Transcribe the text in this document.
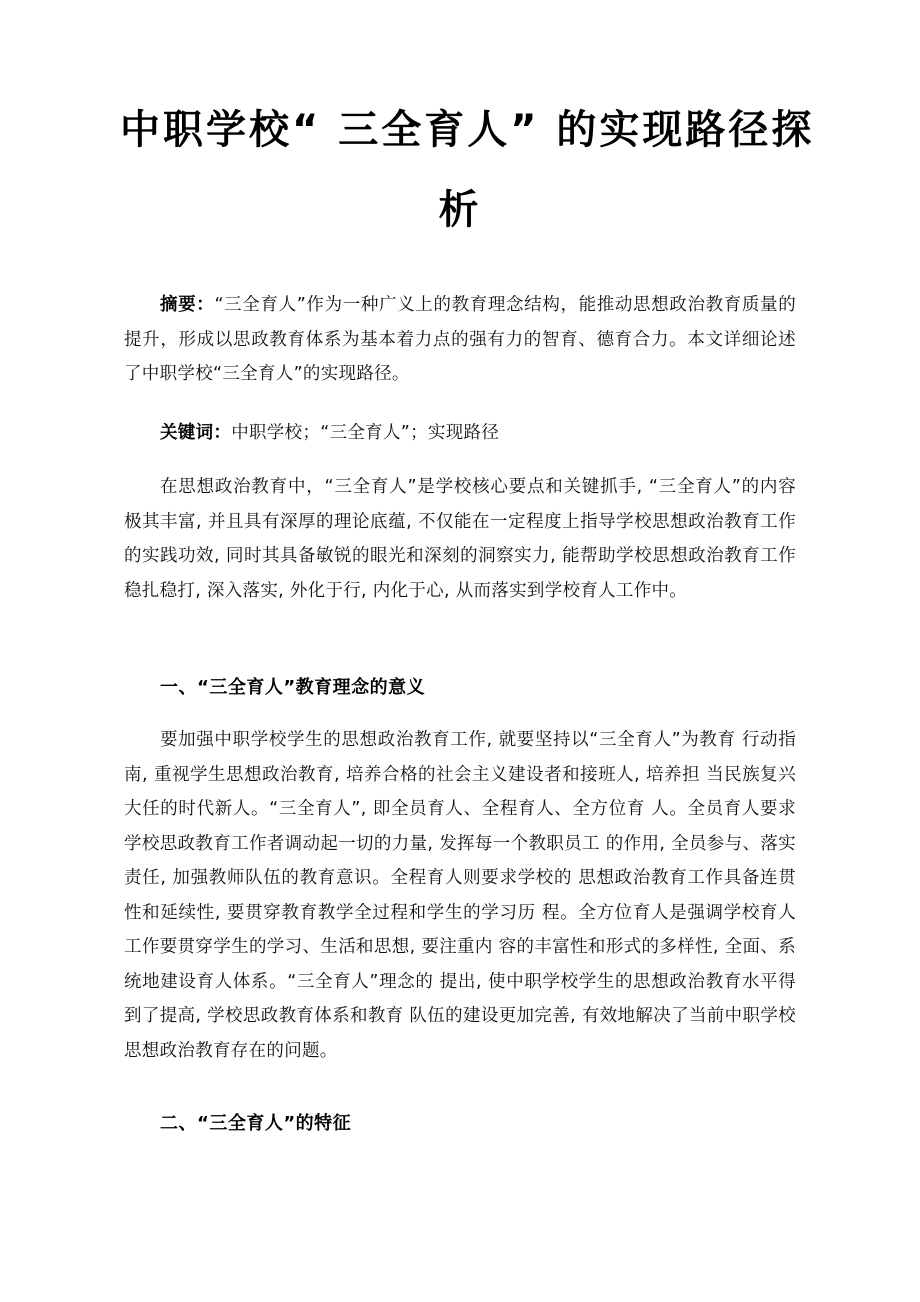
中职学校“ 三全育人” 的实现路径探
析

摘要：“三全育人”作为一种广义上的教育理念结构，能推动思想政治教育质量的提升，形成以思政教育体系为基本着力点的强有力的智育、德育合力。本文详细论述了中职学校“三全育人”的实现路径。

关键词：中职学校；“三全育人”；实现路径

在思想政治教育中，“三全育人”是学校核心要点和关键抓手, “三全育人”的内容极其丰富, 并且具有深厚的理论底蕴, 不仅能在一定程度上指导学校思想政治教育工作的实践功效, 同时其具备敏锐的眼光和深刻的洞察实力, 能帮助学校思想政治教育工作稳扎稳打, 深入落实, 外化于行, 内化于心, 从而落实到学校育人工作中。

一、“三全育人”教育理念的意义

要加强中职学校学生的思想政治教育工作, 就要坚持以“三全育人”为教育 行动指南, 重视学生思想政治教育, 培养合格的社会主义建设者和接班人, 培养担 当民族复兴大任的时代新人。“三全育人”, 即全员育人、全程育人、全方位育 人。全员育人要求学校思政教育工作者调动起一切的力量, 发挥每一个教职员工 的作用, 全员参与、落实责任, 加强教师队伍的教育意识。全程育人则要求学校的 思想政治教育工作具备连贯性和延续性, 要贯穿教育教学全过程和学生的学习历 程。全方位育人是强调学校育人工作要贯穿学生的学习、生活和思想, 要注重内 容的丰富性和形式的多样性, 全面、系统地建设育人体系。“三全育人”理念的 提出, 使中职学校学生的思想政治教育水平得到了提高, 学校思政教育体系和教育 队伍的建设更加完善, 有效地解决了当前中职学校思想政治教育存在的问题。

二、“三全育人”的特征
